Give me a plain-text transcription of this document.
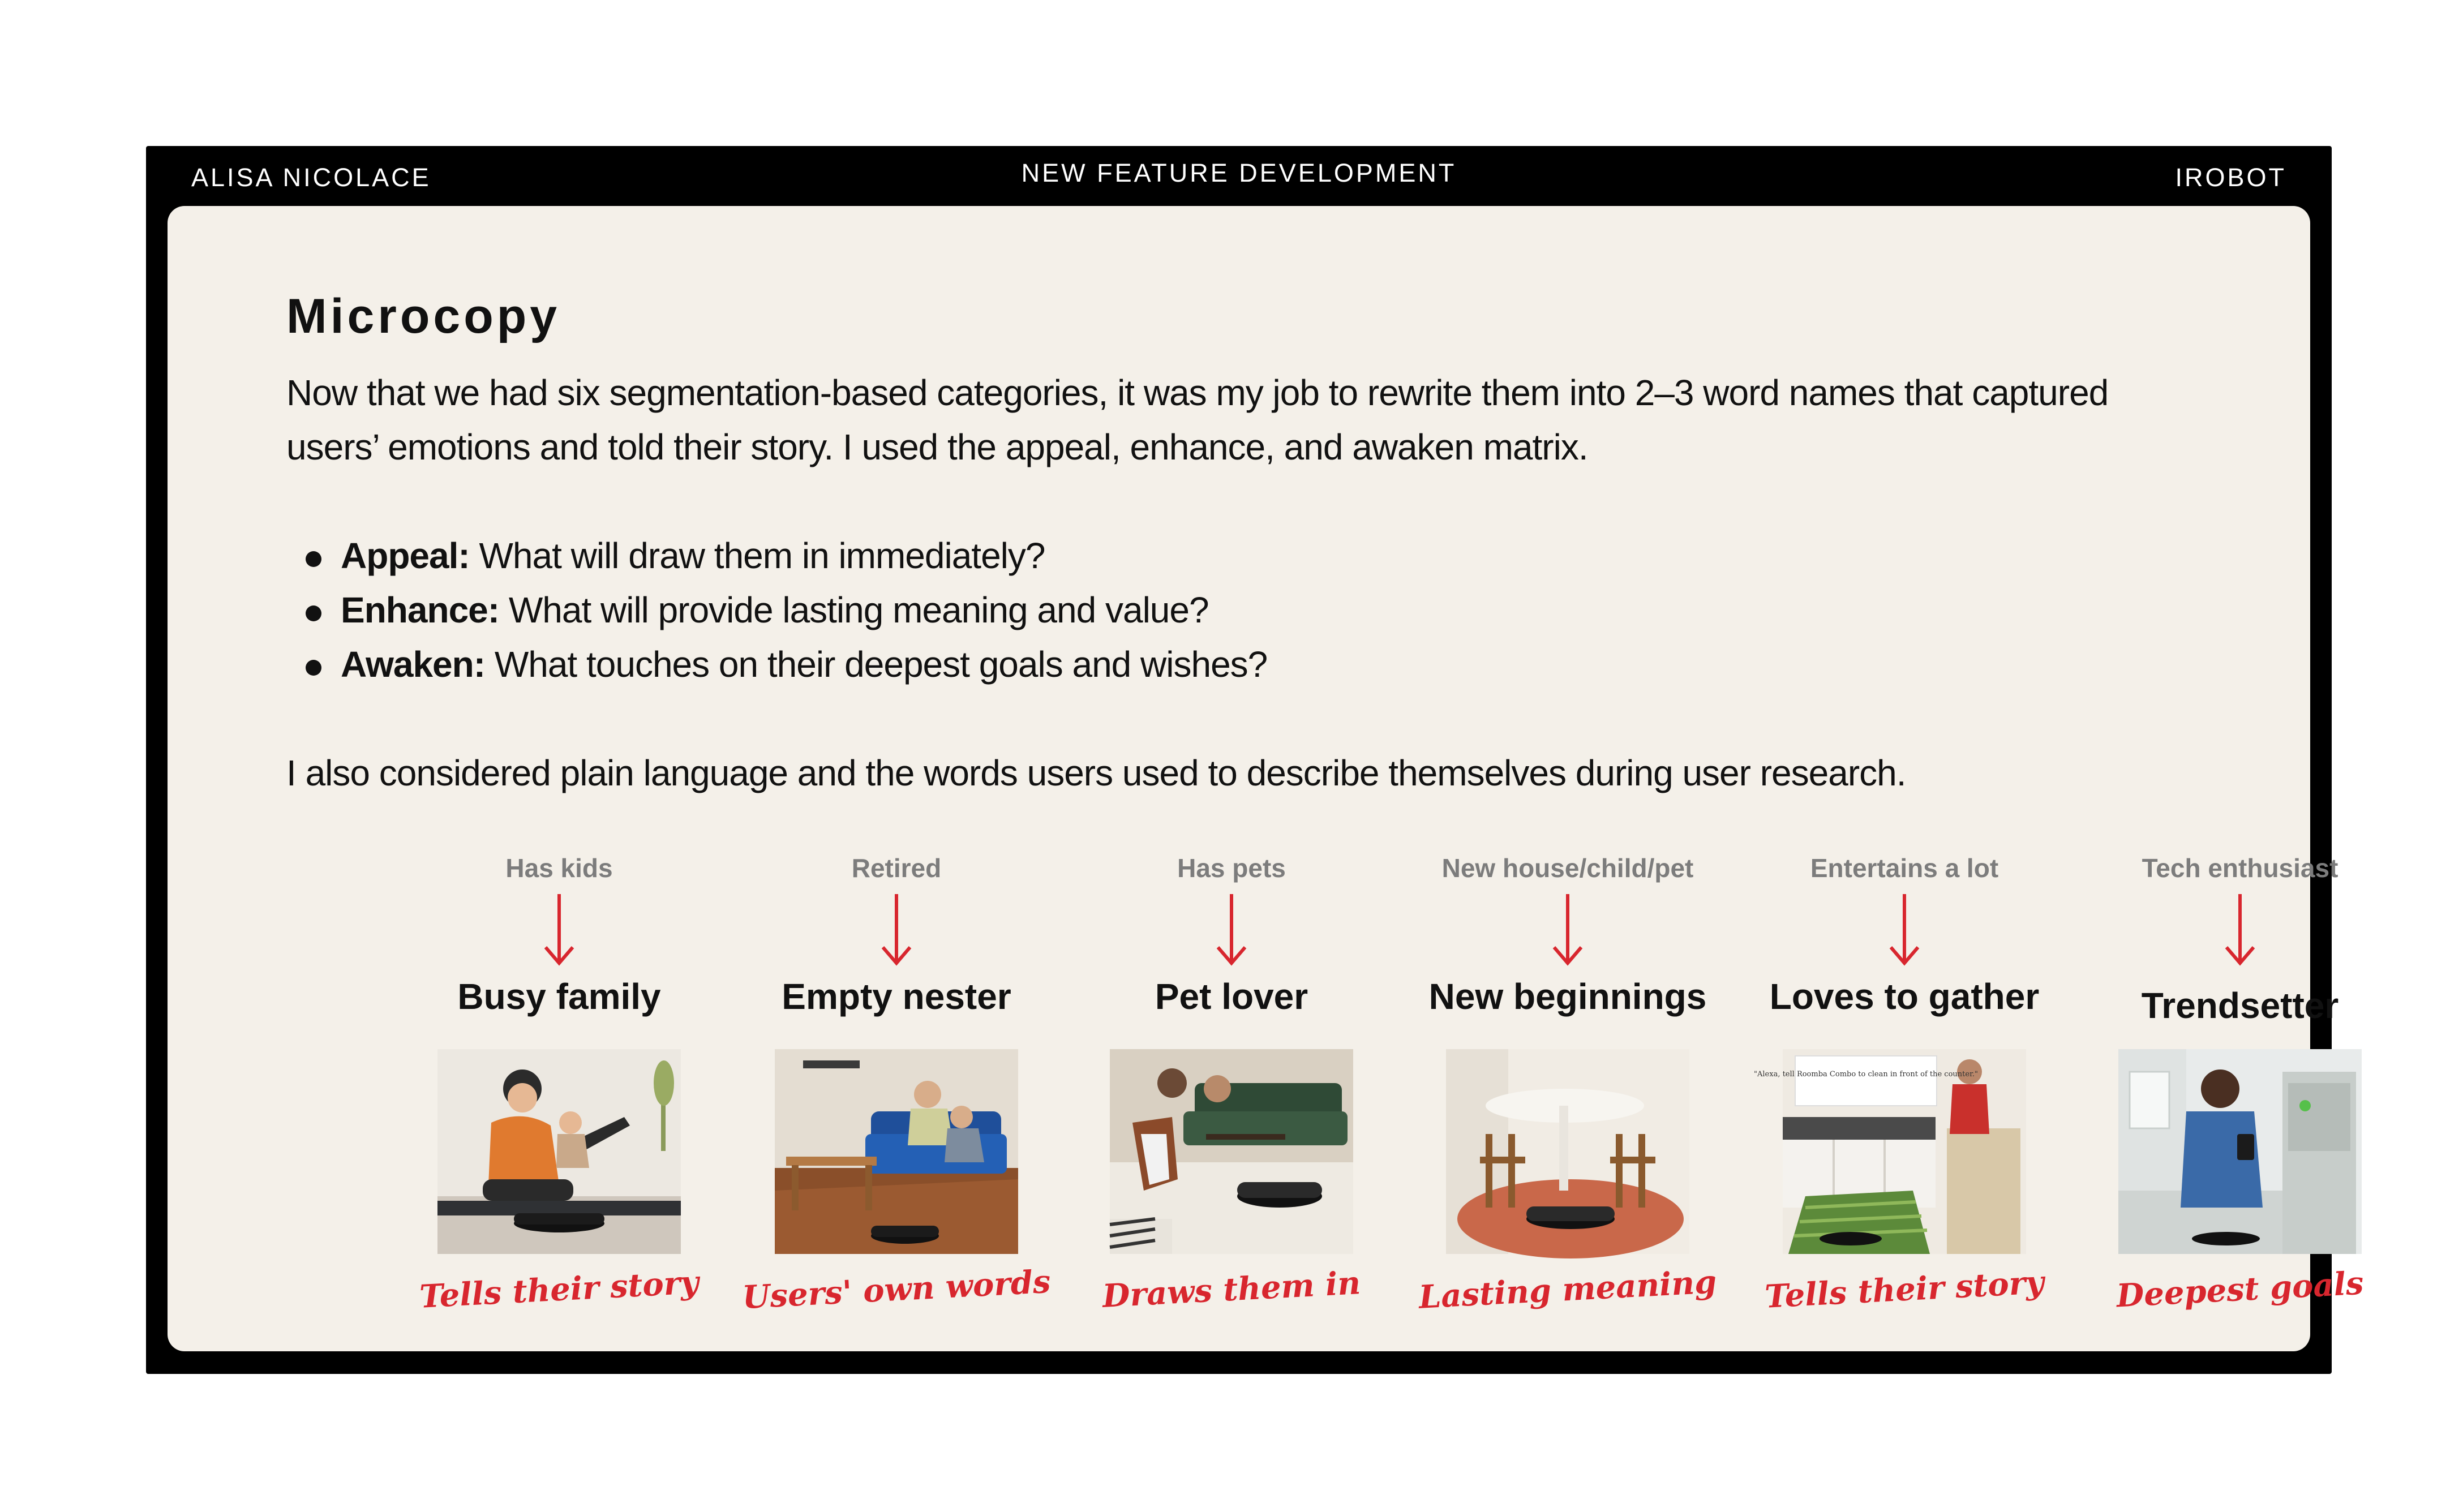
ALISA NICOLACE	NEW FEATURE DEVELOPMENT	IROBOT
Microcopy

Now that we had six segmentation-based categories, it was my job to rewrite them into 2–3 word names that captured users’ emotions and told their story. I used the appeal, enhance, and awaken matrix.

Appeal: What will draw them in immediately?
Enhance: What will provide lasting meaning and value?
Awaken: What touches on their deepest goals and wishes?

I also considered plain language and the words users used to describe themselves during user research.

Has kids
Busy family
Tells their story
Retired
Empty nester
Users' own words
Has pets
Pet lover
Draws them in
New house/child/pet
New beginnings
Lasting meaning
Entertains a lot
Loves to gather
"Alexa, tell Roomba Combo to clean in front of the counter."
Tells their story
Tech enthusiast
Trendsetter
Deepest goals
